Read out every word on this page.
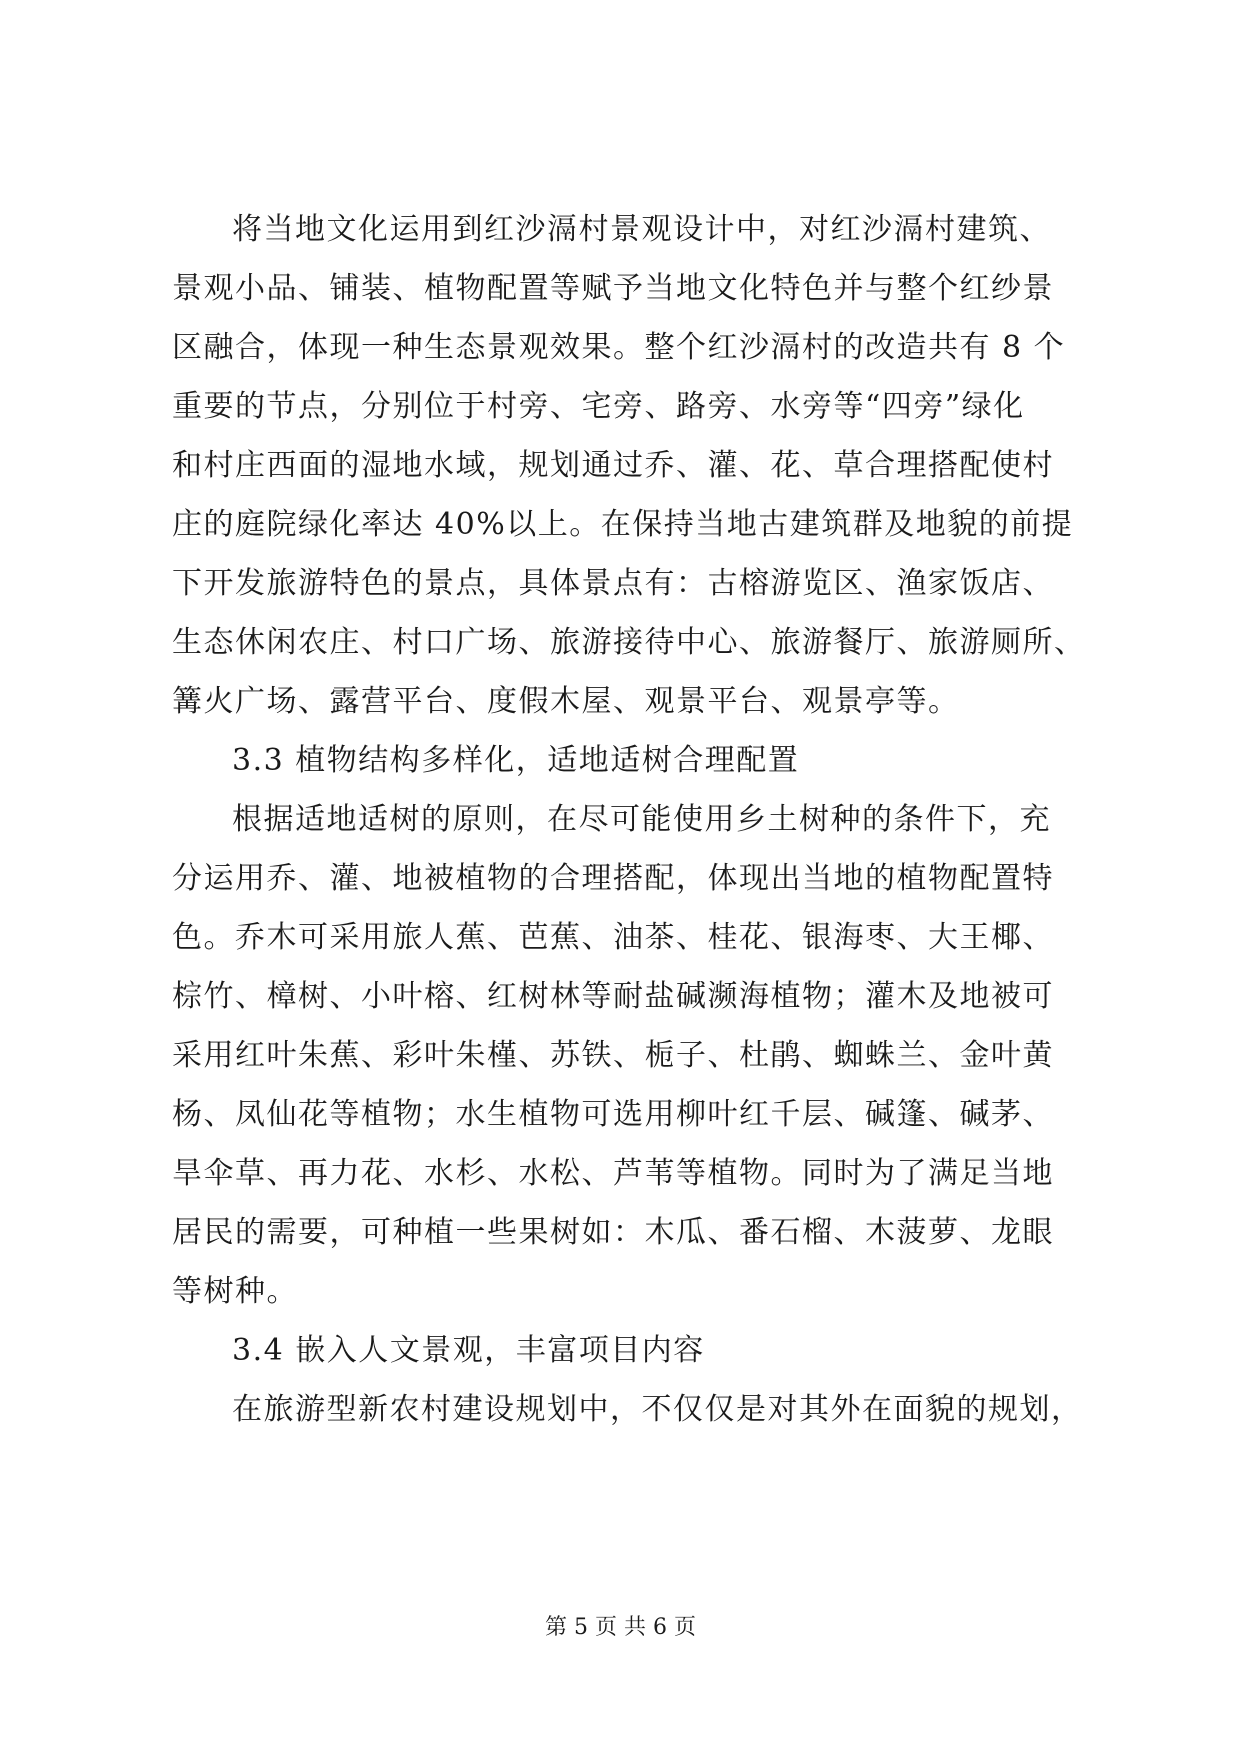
将当地文化运用到红沙滆村景观设计中，对红沙滆村建筑、
景观小品、铺装、植物配置等赋予当地文化特色并与整个红纱景
区融合，体现一种生态景观效果。整个红沙滆村的改造共有 8 个
重要的节点，分别位于村旁、宅旁、路旁、水旁等“四旁”绿化
和村庄西面的湿地水域，规划通过乔、灌、花、草合理搭配使村
庄的庭院绿化率达 40%以上。在保持当地古建筑群及地貌的前提
下开发旅游特色的景点，具体景点有：古榕游览区、渔家饭店、
生态休闲农庄、村口广场、旅游接待中心、旅游餐厅、旅游厕所、
篝火广场、露营平台、度假木屋、观景平台、观景亭等。
3.3 植物结构多样化，适地适树合理配置
根据适地适树的原则，在尽可能使用乡土树种的条件下，充
分运用乔、灌、地被植物的合理搭配，体现出当地的植物配置特
色。乔木可采用旅人蕉、芭蕉、油茶、桂花、银海枣、大王椰、
棕竹、樟树、小叶榕、红树林等耐盐碱濒海植物；灌木及地被可
采用红叶朱蕉、彩叶朱槿、苏铁、栀子、杜鹃、蜘蛛兰、金叶黄
杨、凤仙花等植物；水生植物可选用柳叶红千层、碱篷、碱茅、
旱伞草、再力花、水杉、水松、芦苇等植物。同时为了满足当地
居民的需要，可种植一些果树如：木瓜、番石榴、木菠萝、龙眼
等树种。
3.4 嵌入人文景观，丰富项目内容
在旅游型新农村建设规划中，不仅仅是对其外在面貌的规划，
第 5 页 共 6 页
